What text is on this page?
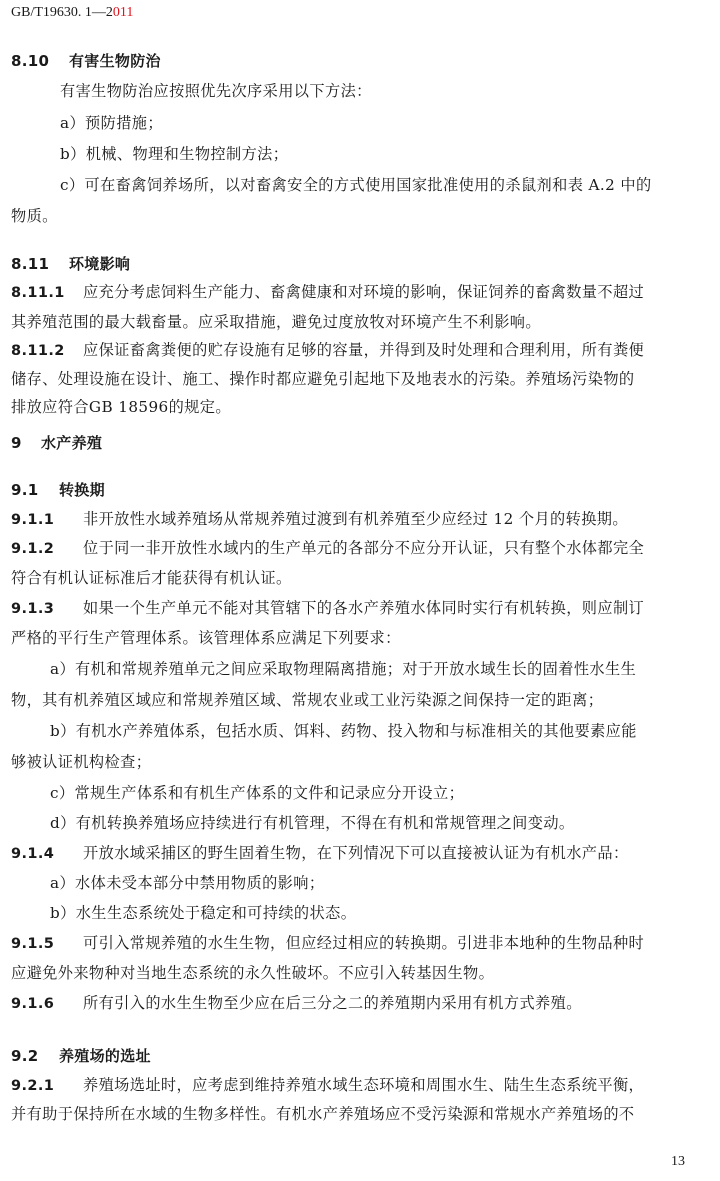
GB/T19630. 1—2011
8.10 有害生物防治
有害生物防治应按照优先次序采用以下方法：
a）预防措施；
b）机械、物理和生物控制方法；
c）可在畜禽饲养场所，以对畜禽安全的方式使用国家批准使用的杀鼠剂和表 A.2 中的
物质。
8.11 环境影响
8.11.1 应充分考虑饲料生产能力、畜禽健康和对环境的影响，保证饲养的畜禽数量不超过
其养殖范围的最大载畜量。应采取措施，避免过度放牧对环境产生不利影响。
8.11.2 应保证畜禽粪便的贮存设施有足够的容量，并得到及时处理和合理利用，所有粪便
储存、处理设施在设计、施工、操作时都应避免引起地下及地表水的污染。养殖场污染物的
排放应符合GB 18596的规定。
9 水产养殖
9.1 转换期
9.1.1 非开放性水域养殖场从常规养殖过渡到有机养殖至少应经过 12 个月的转换期。
9.1.2 位于同一非开放性水域内的生产单元的各部分不应分开认证，只有整个水体都完全
符合有机认证标准后才能获得有机认证。
9.1.3 如果一个生产单元不能对其管辖下的各水产养殖水体同时实行有机转换，则应制订
严格的平行生产管理体系。该管理体系应满足下列要求：
a）有机和常规养殖单元之间应采取物理隔离措施；对于开放水域生长的固着性水生生
物，其有机养殖区域应和常规养殖区域、常规农业或工业污染源之间保持一定的距离；
b）有机水产养殖体系，包括水质、饵料、药物、投入物和与标准相关的其他要素应能
够被认证机构检查；
c）常规生产体系和有机生产体系的文件和记录应分开设立；
d）有机转换养殖场应持续进行有机管理，不得在有机和常规管理之间变动。
9.1.4 开放水域采捕区的野生固着生物，在下列情况下可以直接被认证为有机水产品：
a）水体未受本部分中禁用物质的影响；
b）水生生态系统处于稳定和可持续的状态。
9.1.5 可引入常规养殖的水生生物，但应经过相应的转换期。引进非本地种的生物品种时
应避免外来物种对当地生态系统的永久性破坏。不应引入转基因生物。
9.1.6 所有引入的水生生物至少应在后三分之二的养殖期内采用有机方式养殖。
9.2 养殖场的选址
9.2.1 养殖场选址时，应考虑到维持养殖水域生态环境和周围水生、陆生生态系统平衡，
并有助于保持所在水域的生物多样性。有机水产养殖场应不受污染源和常规水产养殖场的不
13
